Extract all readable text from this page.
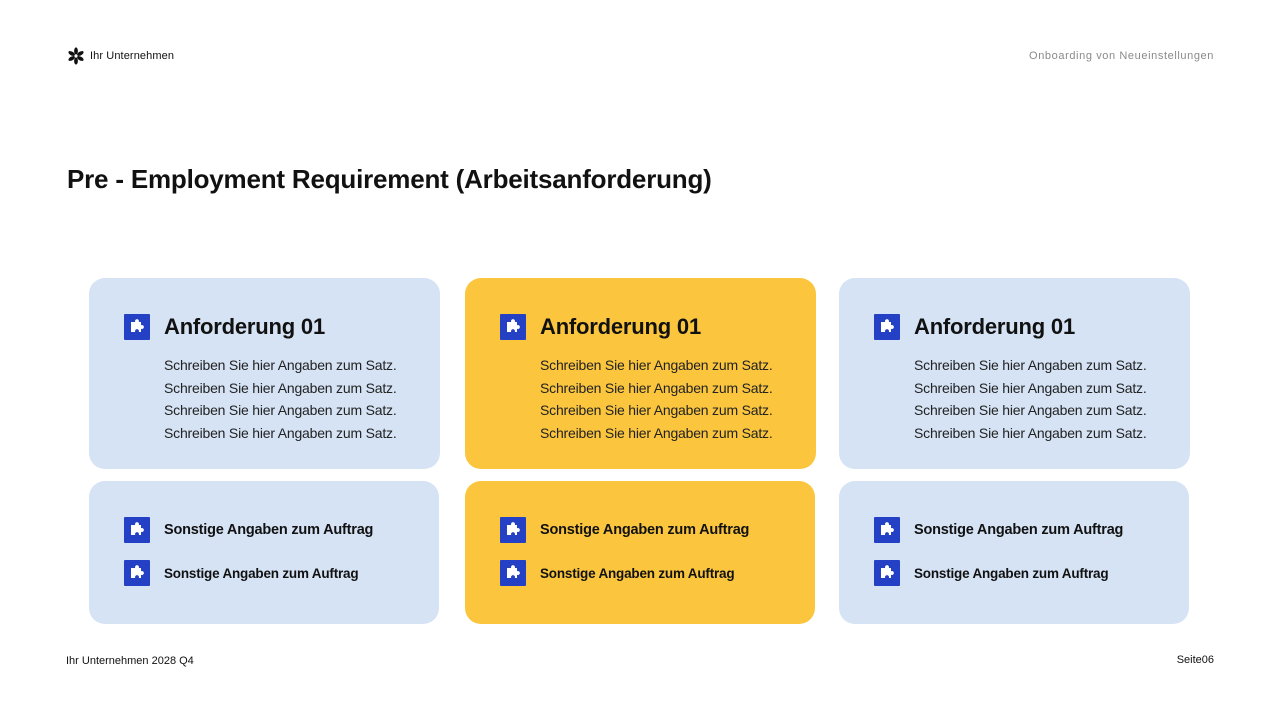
Ihr Unternehmen	Onboarding von Neueinstellungen
Pre - Employment Requirement (Arbeitsanforderung)
Anforderung 01
Schreiben Sie hier Angaben zum Satz.
Schreiben Sie hier Angaben zum Satz.
Schreiben Sie hier Angaben zum Satz.
Schreiben Sie hier Angaben zum Satz.
Anforderung 01
Schreiben Sie hier Angaben zum Satz.
Schreiben Sie hier Angaben zum Satz.
Schreiben Sie hier Angaben zum Satz.
Schreiben Sie hier Angaben zum Satz.
Anforderung 01
Schreiben Sie hier Angaben zum Satz.
Schreiben Sie hier Angaben zum Satz.
Schreiben Sie hier Angaben zum Satz.
Schreiben Sie hier Angaben zum Satz.
Sonstige Angaben zum Auftrag
Sonstige Angaben zum Auftrag
Sonstige Angaben zum Auftrag
Sonstige Angaben zum Auftrag
Sonstige Angaben zum Auftrag
Sonstige Angaben zum Auftrag
Ihr Unternehmen 2028 Q4	Seite06
